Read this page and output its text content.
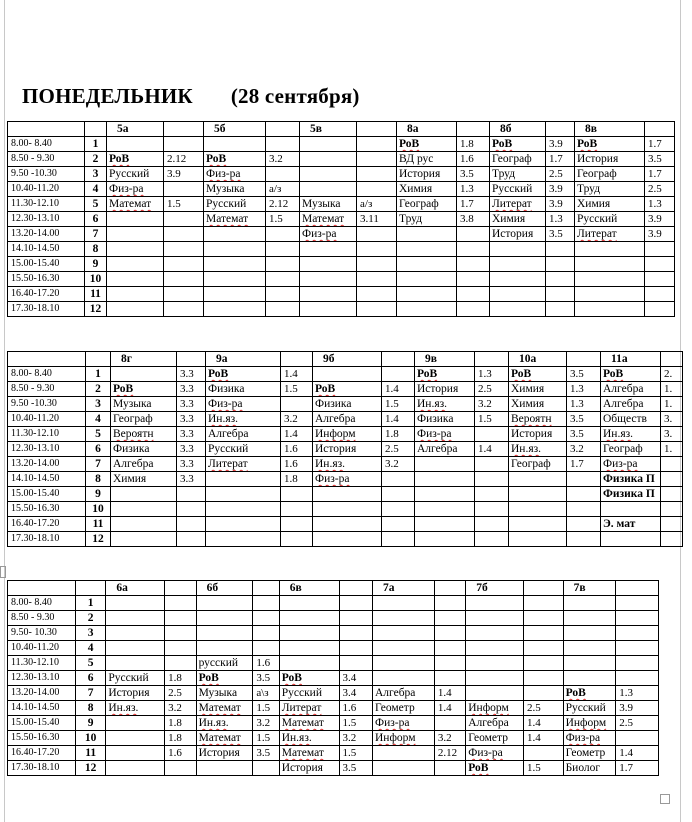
ПОНЕДЕЛЬНИК (28 сентября)
		5а		5б		5в		8а		8б		8в	
8.00- 8.40	1							РоВ	1.8	РоВ	3.9	РоВ	1.7
8.50 - 9.30	2	РоВ	2.12	РоВ	3.2			ВД рус	1.6	Географ	1.7	История	3.5
9.50 -10.30	3	Русский	3.9	Физ-ра				История	3.5	Труд	2.5	Географ	1.7
10.40-11.20	4	Физ-ра		Музыка	а/з			Химия	1.3	Русский	3.9	Труд	2.5
11.30-12.10	5	Математ	1.5	Русский	2.12	Музыка	а/з	Географ	1.7	Литерат	3.9	Химия	1.3
12.30-13.10	6			Математ	1.5	Математ	3.11	Труд	3.8	Химия	1.3	Русский	3.9
13.20-14.00	7					Физ-ра				История	3.5	Литерат	3.9
14.10-14.50	8												
15.00-15.40	9												
15.50-16.30	10												
16.40-17.20	11												
17.30-18.10	12												
		8г		9а		9б		9в		10а		11а	
8.00- 8.40	1		3.3	РоВ	1.4			РоВ	1.3	РоВ	3.5	РоВ	2.
8.50 - 9.30	2	РоВ	3.3	Физика	1.5	РоВ	1.4	История	2.5	Химия	1.3	Алгебра	1.
9.50 -10.30	3	Музыка	3.3	Физ-ра		Физика	1.5	Ин.яз.	3.2	Химия	1.3	Алгебра	1.
10.40-11.20	4	Географ	3.3	Ин.яз.	3.2	Алгебра	1.4	Физика	1.5	Вероятн	3.5	Обществ	3.
11.30-12.10	5	Вероятн	3.3	Алгебра	1.4	Информ	1.8	Физ-ра		История	3.5	Ин.яз.	3.
12.30-13.10	6	Физика	3.3	Русский	1.6	История	2.5	Алгебра	1.4	Ин.яз.	3.2	Географ	1.
13.20-14.00	7	Алгебра	3.3	Литерат	1.6	Ин.яз.	3.2			Географ	1.7	Физ-ра	
14.10-14.50	8	Химия	3.3		1.8	Физ-ра						Физика П	
15.00-15.40	9											Физика П	
15.50-16.30	10												
16.40-17.20	11											Э. мат	
17.30-18.10	12												
		6а		6б		6в		7а		7б		7в	
8.00- 8.40	1												
8.50 - 9.30	2												
9.50- 10.30	3												
10.40-11.20	4												
11.30-12.10	5			русский	1.6								
12.30-13.10	6	Русский	1.8	РоВ	3.5	РоВ	3.4						
13.20-14.00	7	История	2.5	Музыка	а\з	Русский	3.4	Алгебра	1.4			РоВ	1.3
14.10-14.50	8	Ин.яз.	3.2	Математ	1.5	Литерат	1.6	Геометр	1.4	Информ	2.5	Русский	3.9
15.00-15.40	9		1.8	Ин.яз.	3.2	Математ	1.5	Физ-ра		Алгебра	1.4	Информ	2.5
15.50-16.30	10		1.8	Математ	1.5	Ин.яз.	3.2	Информ	3.2	Геометр	1.4	Физ-ра	
16.40-17.20	11		1.6	История	3.5	Математ	1.5		2.12	Физ-ра		Геометр	1.4
17.30-18.10	12					История	3.5			РоВ	1.5	Биолог	1.7
